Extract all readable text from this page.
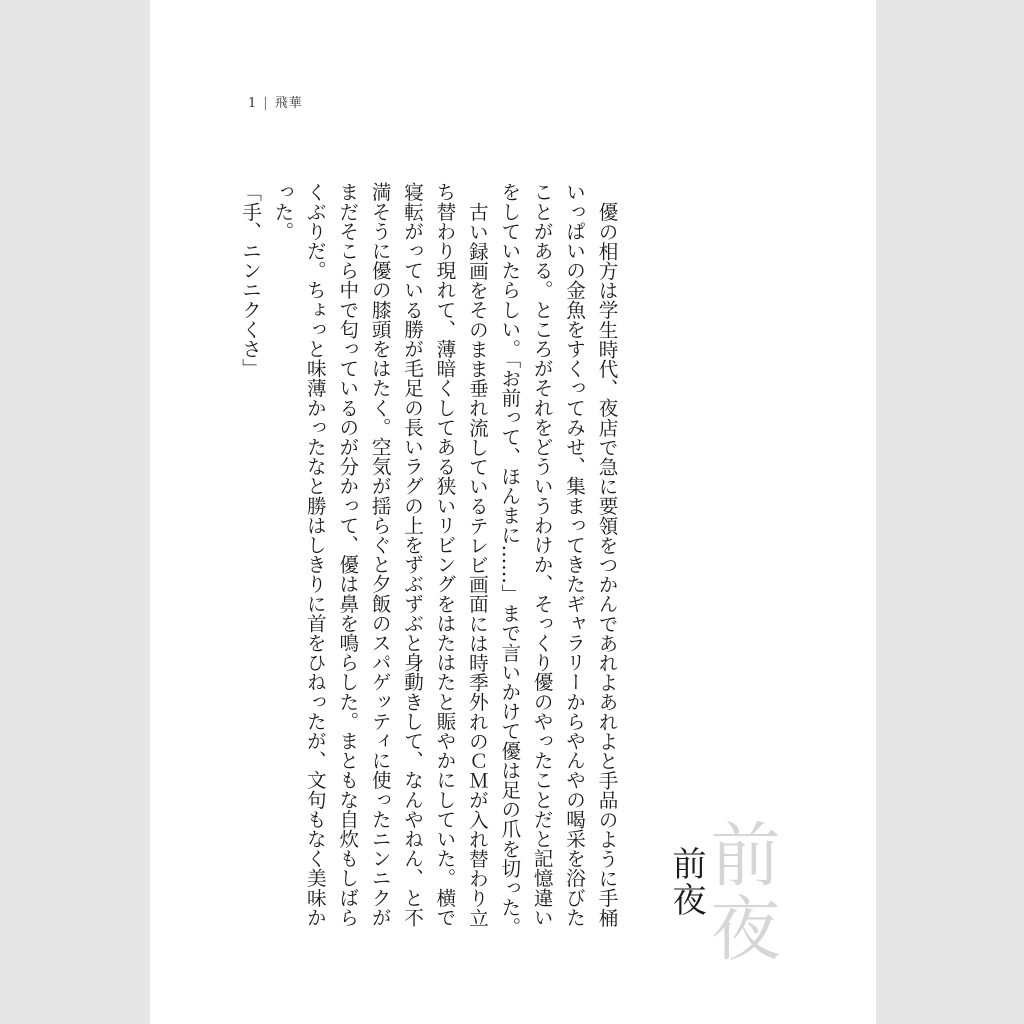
1 | 飛華

優の相方は学生時代、夜店で急に要領をつかんであれよあれよと手品のように手桶いっぱいの金魚をすくってみせ、集まってきたギャラリーからやんやの喝采を浴びたことがある。ところがそれをどういうわけか、そっくり優のやったことだと記憶違いをしていたらしい。「お前って、ほんまに……」まで言いかけて優は足の爪を切った。

古い録画をそのまま垂れ流しているテレビ画面には時季外れのＣＭが入れ替わり立ち替わり現れて、薄暗くしてある狭いリビングをはたはたと賑やかにしていた。横で寝転がっている勝が毛足の長いラグの上をずぶずぶと身動きして、なんやねん、と不満そうに優の膝頭をはたく。空気が揺らぐと夕飯のスパゲッティに使ったニンニクがまだそこら中で匂っているのが分かって、優は鼻を鳴らした。まともな自炊もしばらくぶりだ。ちょっと味薄かったなと勝はしきりに首をひねったが、文句もなく美味かった。

「手、ニンニクくさ」

前夜
前夜
